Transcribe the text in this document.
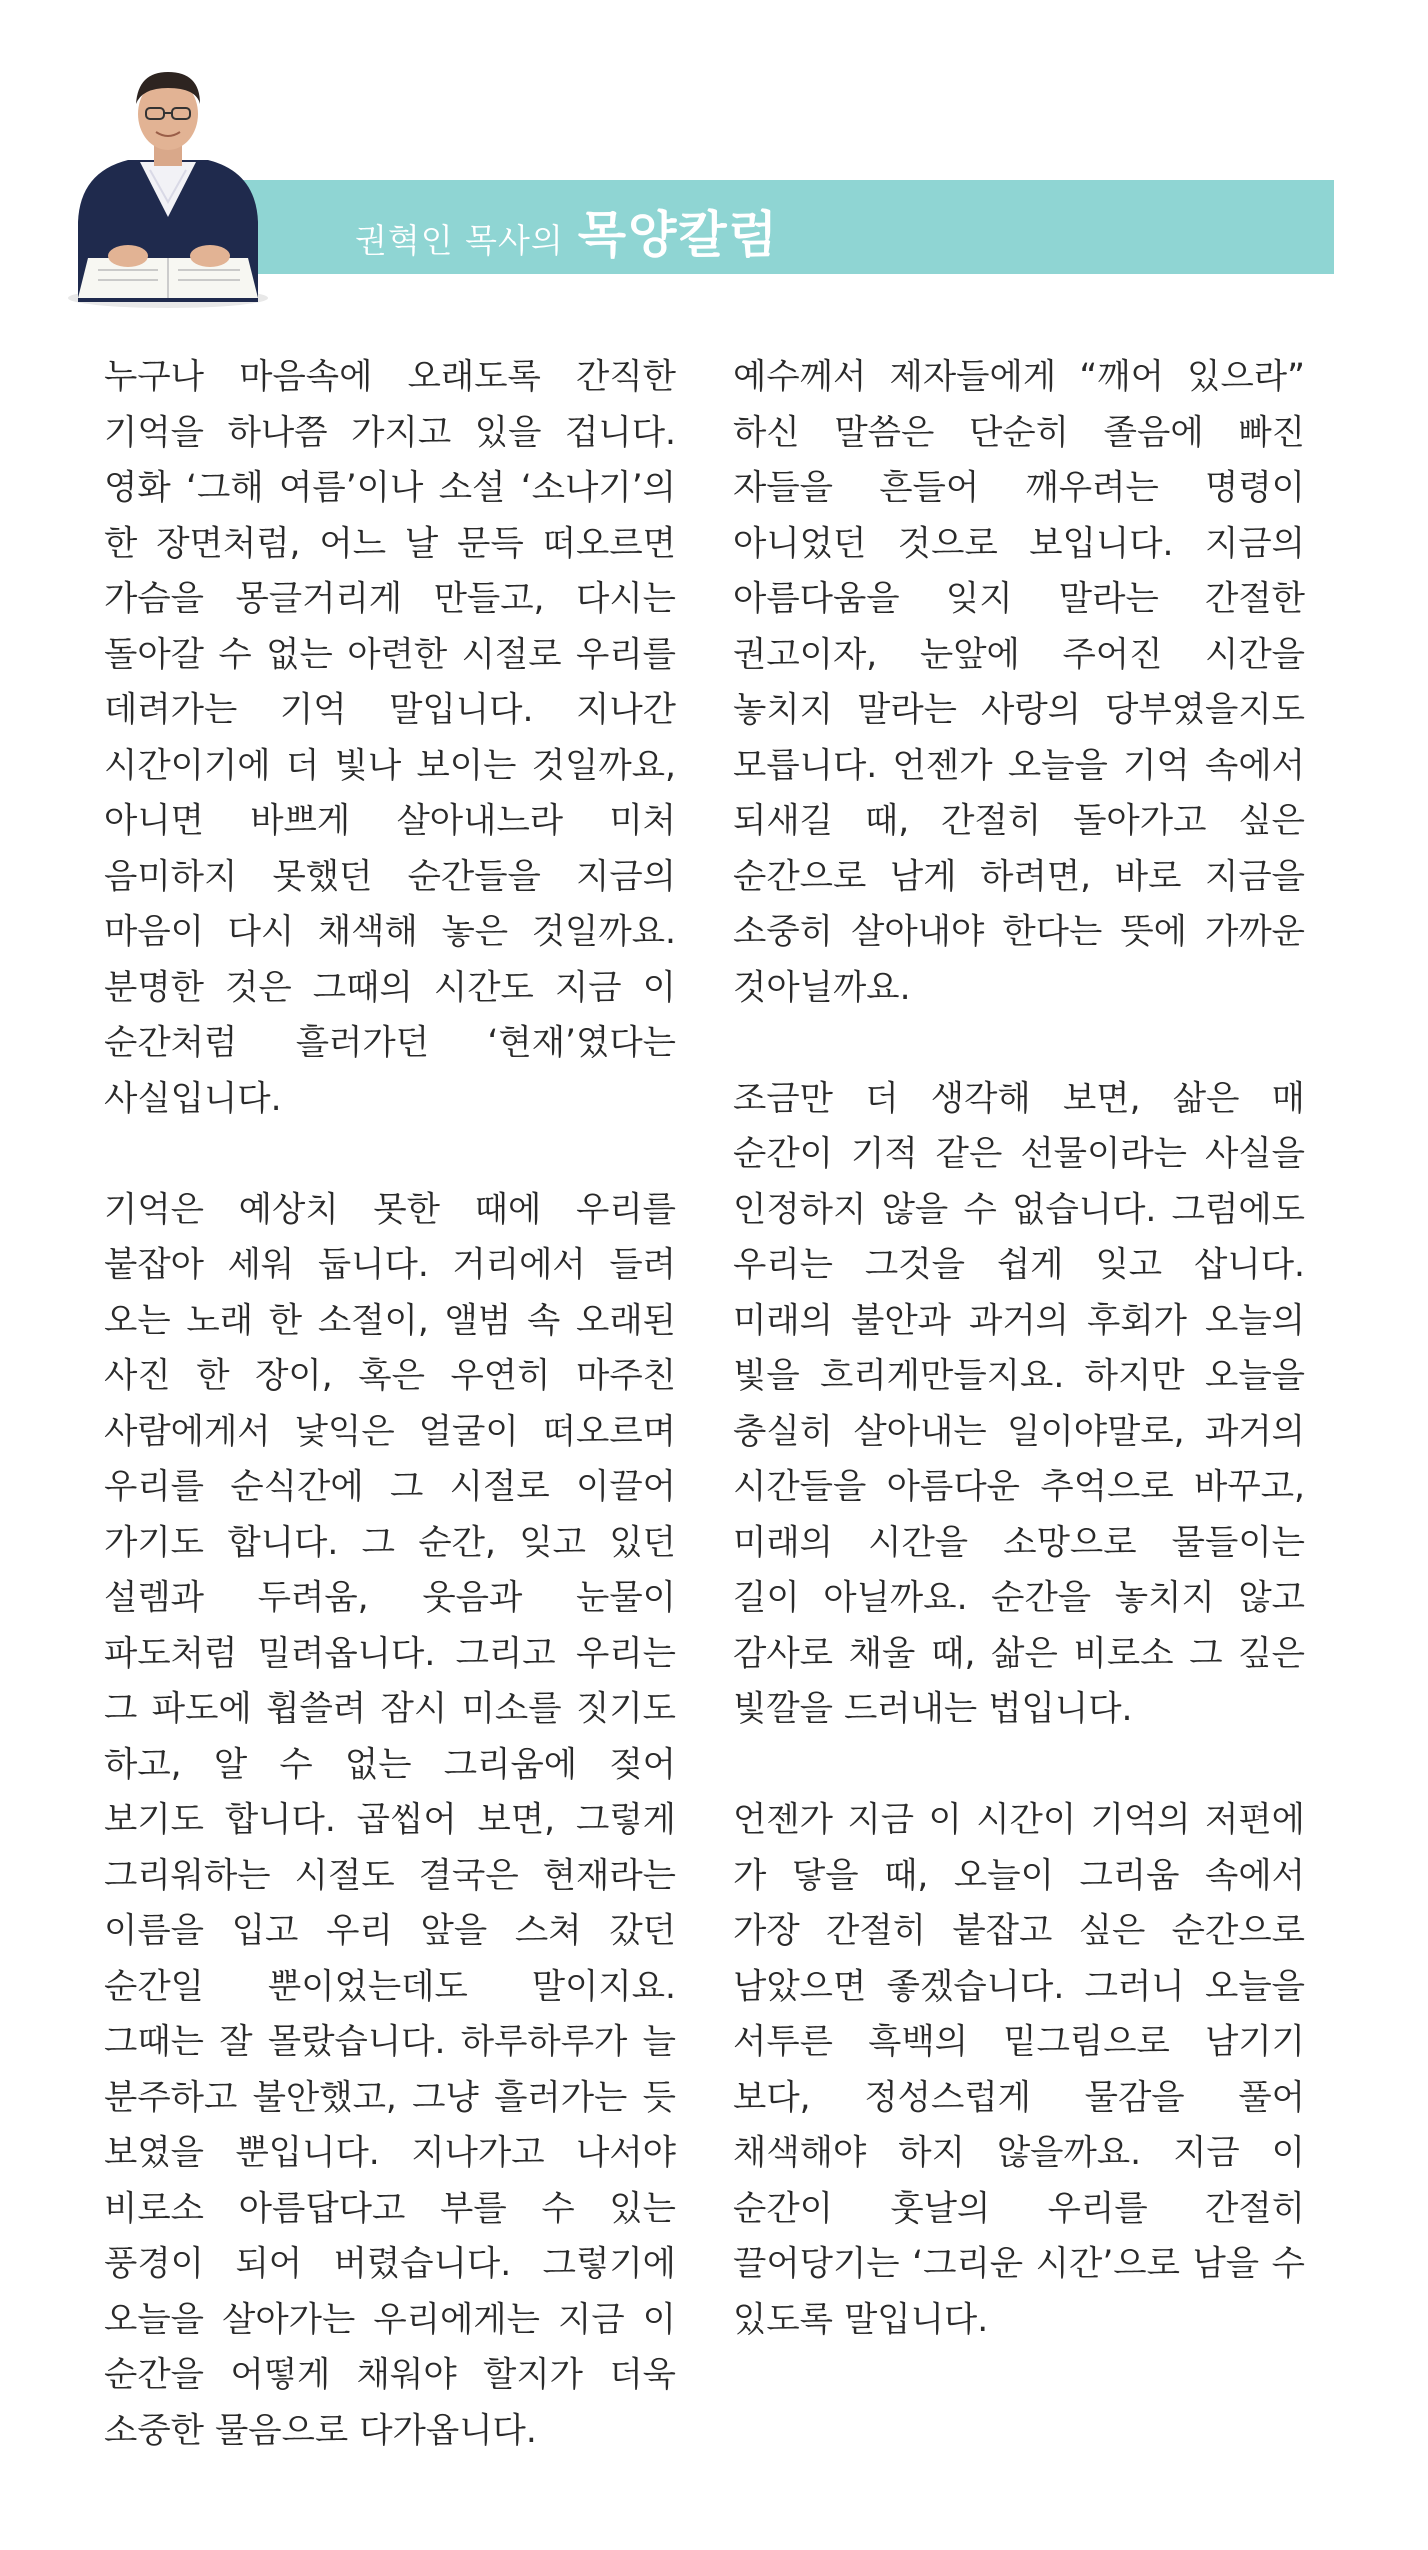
권혁인 목사의 목양칼럼

누구나 마음속에 오래도록 간직한 기억을 하나쯤 가지고 있을 겁니다. 영화 ‘그해 여름’이나 소설 ‘소나기’의 한 장면처럼, 어느 날 문득 떠오르면 가슴을 몽글거리게 만들고, 다시는 돌아갈 수 없는 아련한 시절로 우리를 데려가는 기억 말입니다. 지나간 시간이기에 더 빛나 보이는 것일까요, 아니면 바쁘게 살아내느라 미처 음미하지 못했던 순간들을 지금의 마음이 다시 채색해 놓은 것일까요. 분명한 것은 그때의 시간도 지금 이 순간처럼 흘러가던 ‘현재’였다는 사실입니다.

기억은 예상치 못한 때에 우리를 붙잡아 세워 둡니다. 거리에서 들려 오는 노래 한 소절이, 앨범 속 오래된 사진 한 장이, 혹은 우연히 마주친 사람에게서 낯익은 얼굴이 떠오르며 우리를 순식간에 그 시절로 이끌어 가기도 합니다. 그 순간, 잊고 있던 설렘과 두려움, 웃음과 눈물이 파도처럼 밀려옵니다. 그리고 우리는 그 파도에 휩쓸려 잠시 미소를 짓기도 하고, 알 수 없는 그리움에 젖어 보기도 합니다. 곱씹어 보면, 그렇게 그리워하는 시절도 결국은 현재라는 이름을 입고 우리 앞을 스쳐 갔던 순간일 뿐이었는데도 말이지요. 그때는 잘 몰랐습니다. 하루하루가 늘 분주하고 불안했고, 그냥 흘러가는 듯 보였을 뿐입니다. 지나가고 나서야 비로소 아름답다고 부를 수 있는 풍경이 되어 버렸습니다. 그렇기에 오늘을 살아가는 우리에게는 지금 이 순간을 어떻게 채워야 할지가 더욱 소중한 물음으로 다가옵니다.

예수께서 제자들에게 “깨어 있으라” 하신 말씀은 단순히 졸음에 빠진 자들을 흔들어 깨우려는 명령이 아니었던 것으로 보입니다. 지금의 아름다움을 잊지 말라는 간절한 권고이자, 눈앞에 주어진 시간을 놓치지 말라는 사랑의 당부였을지도 모릅니다. 언젠가 오늘을 기억 속에서 되새길 때, 간절히 돌아가고 싶은 순간으로 남게 하려면, 바로 지금을 소중히 살아내야 한다는 뜻에 가까운 것아닐까요.

조금만 더 생각해 보면, 삶은 매 순간이 기적 같은 선물이라는 사실을 인정하지 않을 수 없습니다. 그럼에도 우리는 그것을 쉽게 잊고 삽니다. 미래의 불안과 과거의 후회가 오늘의 빛을 흐리게만들지요. 하지만 오늘을 충실히 살아내는 일이야말로, 과거의 시간들을 아름다운 추억으로 바꾸고, 미래의 시간을 소망으로 물들이는 길이 아닐까요. 순간을 놓치지 않고 감사로 채울 때, 삶은 비로소 그 깊은 빛깔을 드러내는 법입니다.

언젠가 지금 이 시간이 기억의 저편에 가 닿을 때, 오늘이 그리움 속에서 가장 간절히 붙잡고 싶은 순간으로 남았으면 좋겠습니다. 그러니 오늘을 서투른 흑백의 밑그림으로 남기기 보다, 정성스럽게 물감을 풀어 채색해야 하지 않을까요. 지금 이 순간이 훗날의 우리를 간절히 끌어당기는 ‘그리운 시간’으로 남을 수 있도록 말입니다.
